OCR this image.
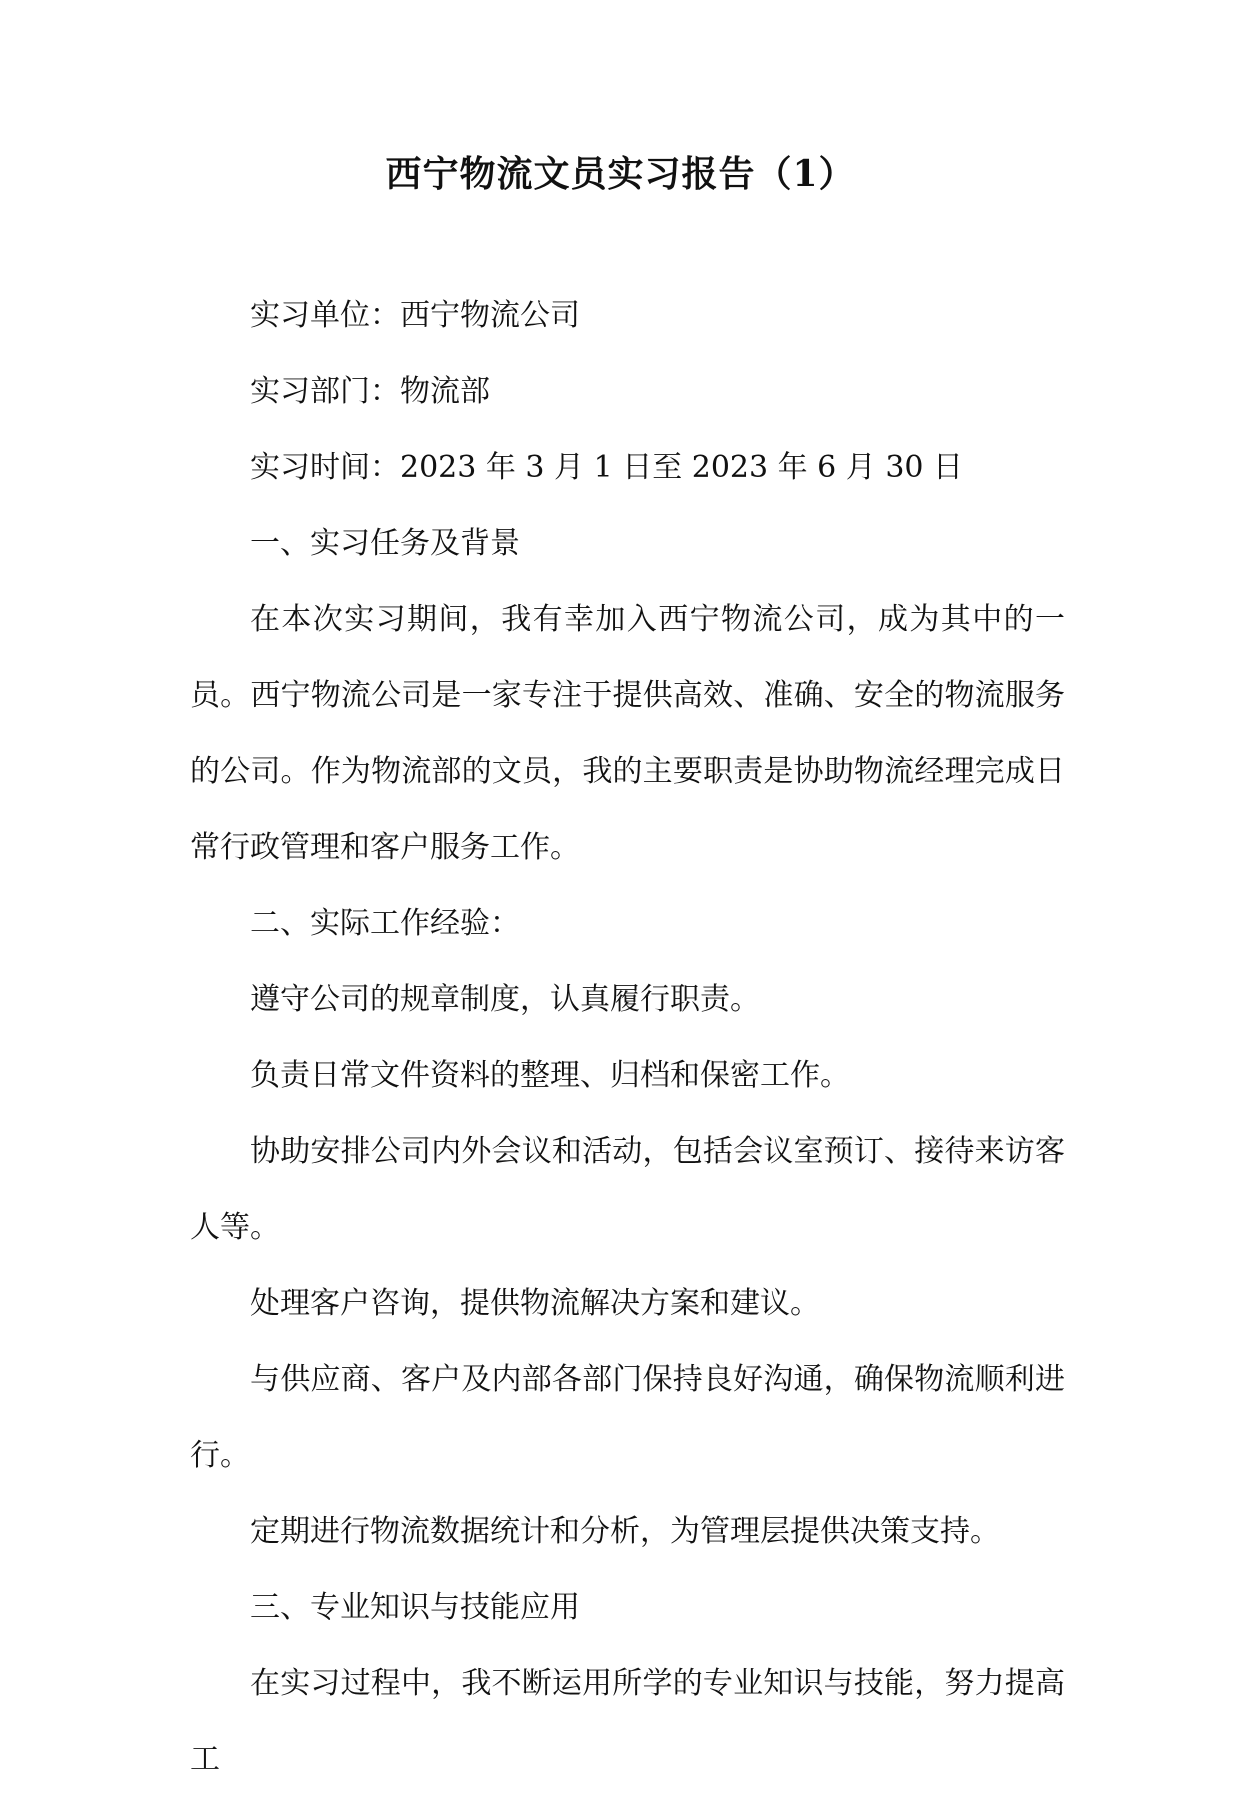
西宁物流文员实习报告（1）

实习单位：西宁物流公司

实习部门：物流部

实习时间：2023 年 3 月 1 日至 2023 年 6 月 30 日

一、实习任务及背景

在本次实习期间，我有幸加入西宁物流公司，成为其中的一员。西宁物流公司是一家专注于提供高效、准确、安全的物流服务的公司。作为物流部的文员，我的主要职责是协助物流经理完成日常行政管理和客户服务工作。

二、实际工作经验：

遵守公司的规章制度，认真履行职责。

负责日常文件资料的整理、归档和保密工作。

协助安排公司内外会议和活动，包括会议室预订、接待来访客人等。

处理客户咨询，提供物流解决方案和建议。

与供应商、客户及内部各部门保持良好沟通，确保物流顺利进行。

定期进行物流数据统计和分析，为管理层提供决策支持。

三、专业知识与技能应用

在实习过程中，我不断运用所学的专业知识与技能，努力提高工
